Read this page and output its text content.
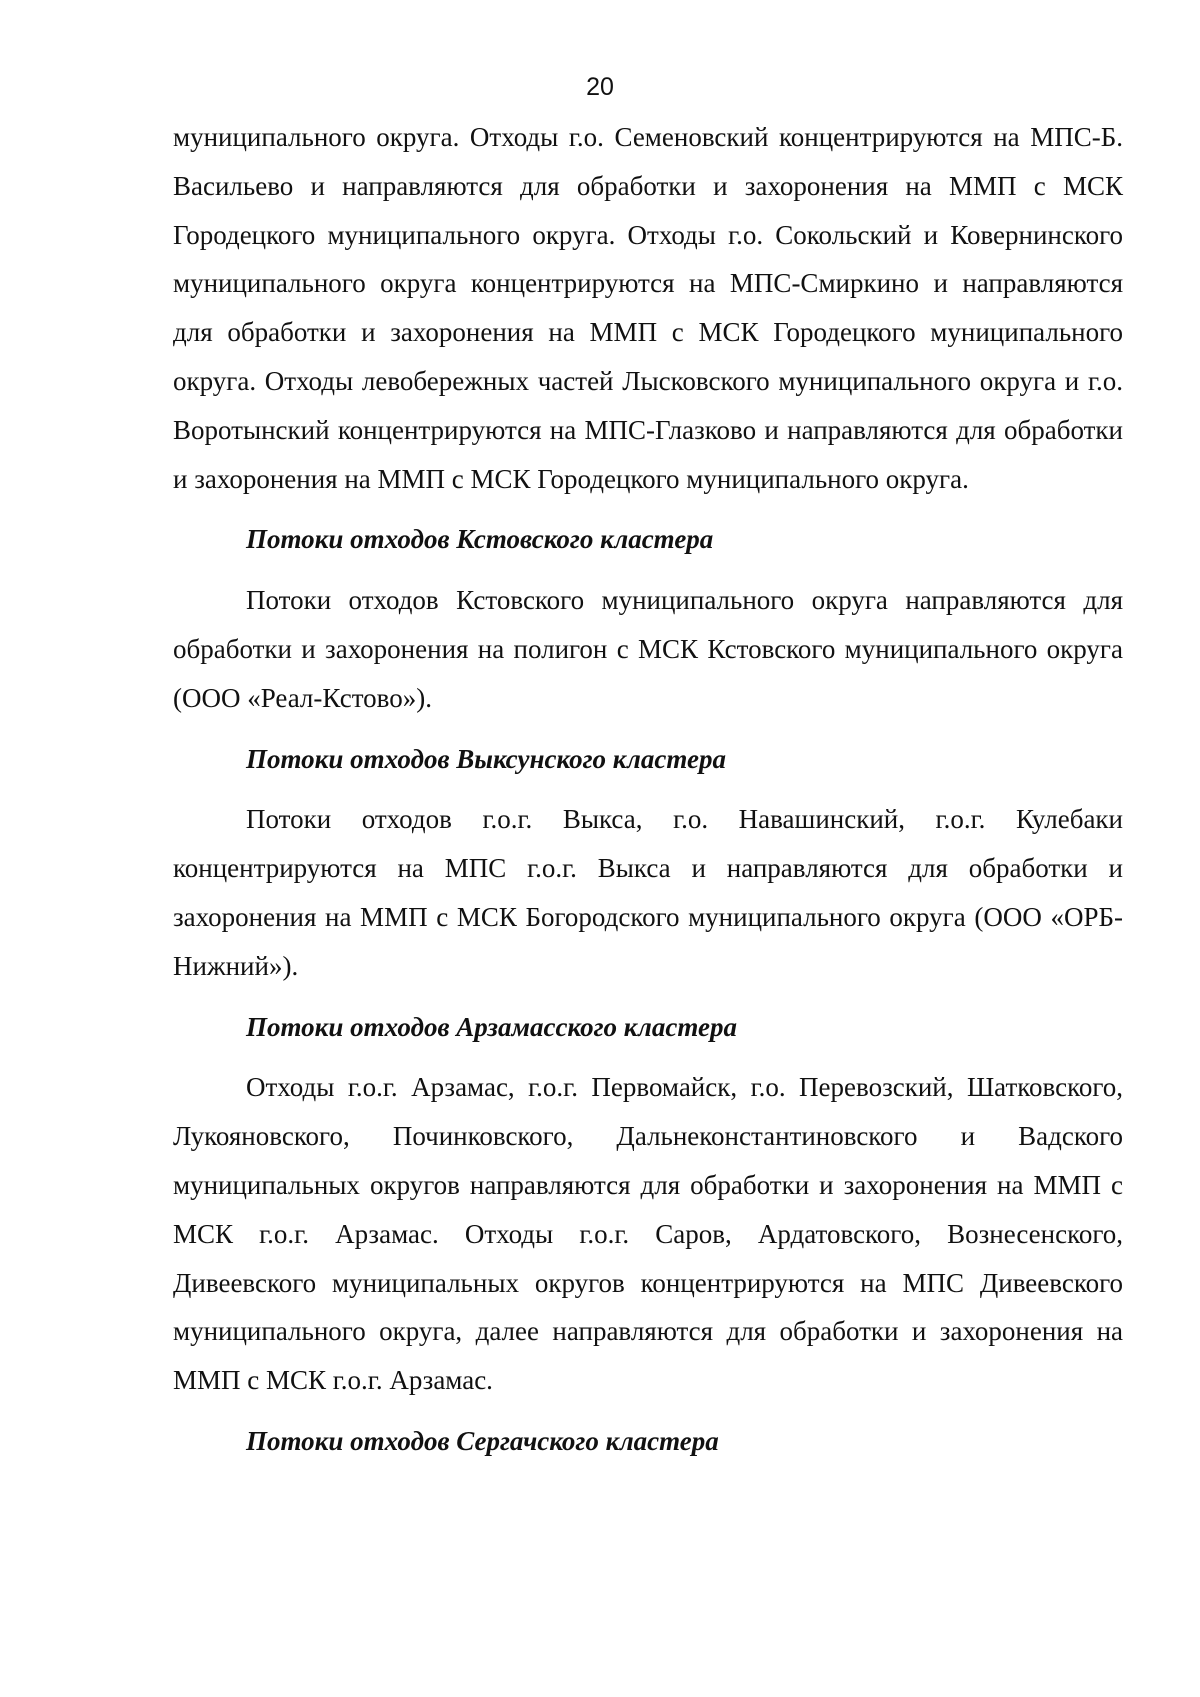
20

муниципального округа. Отходы г.о. Семеновский концентрируются на МПС-Б. Васильево и направляются для обработки и захоронения на ММП с МСК Городецкого муниципального округа. Отходы г.о. Сокольский и Ковернинского муниципального округа концентрируются на МПС-Смиркино и направляются для обработки и захоронения на ММП с МСК Городецкого муниципального округа. Отходы левобережных частей Лысковского муниципального округа и г.о. Воротынский концентрируются на МПС-Глазково и направляются для обработки и захоронения на ММП с МСК Городецкого муниципального округа.

Потоки отходов Кстовского кластера

Потоки отходов Кстовского муниципального округа направляются для обработки и захоронения на полигон с МСК Кстовского муниципального округа (ООО «Реал-Кстово»).

Потоки отходов Выксунского кластера

Потоки отходов г.о.г. Выкса, г.о. Навашинский, г.о.г. Кулебаки концентрируются на МПС г.о.г. Выкса и направляются для обработки и захоронения на ММП с МСК Богородского муниципального округа (ООО «ОРБ-Нижний»).

Потоки отходов Арзамасского кластера

Отходы г.о.г. Арзамас, г.о.г. Первомайск, г.о. Перевозский, Шатковского, Лукояновского, Починковского, Дальнеконстантиновского и Вадского муниципальных округов направляются для обработки и захоронения на ММП с МСК г.о.г. Арзамас. Отходы г.о.г. Саров, Ардатовского, Вознесенского, Дивеевского муниципальных округов концентрируются на МПС Дивеевского муниципального округа, далее направляются для обработки и захоронения на ММП с МСК г.о.г. Арзамас.

Потоки отходов Сергачского кластера
